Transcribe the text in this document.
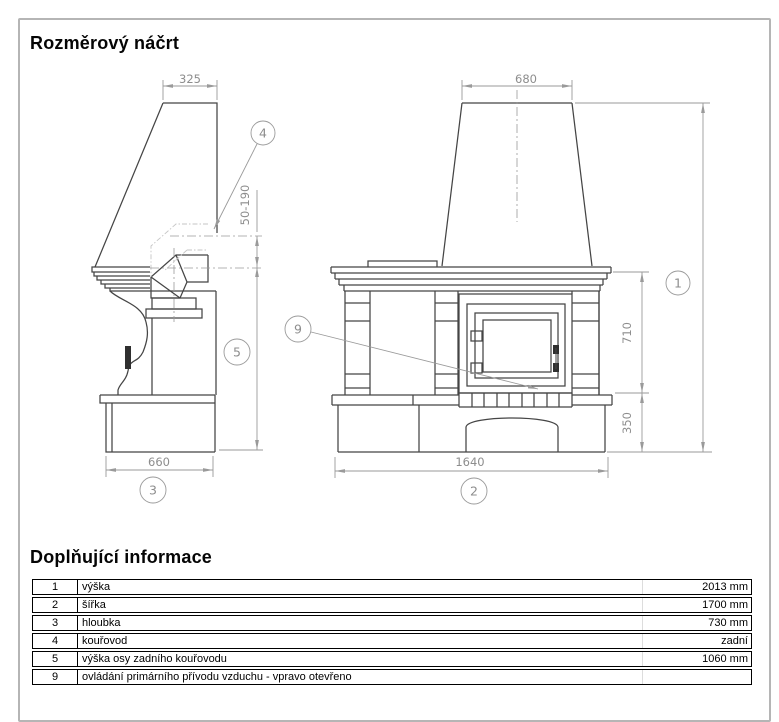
Rozměrový náčrt
325	680
50-190
660	1640
710
350
1
2
3
4
5
9
Doplňující informace
1	výška	2013 mm
2	šířka	1700 mm
3	hloubka	730 mm
4	kouřovod	zadní
5	výška osy zadního kouřovodu	1060 mm
9	ovládání primárního přívodu vzduchu - vpravo otevřeno
